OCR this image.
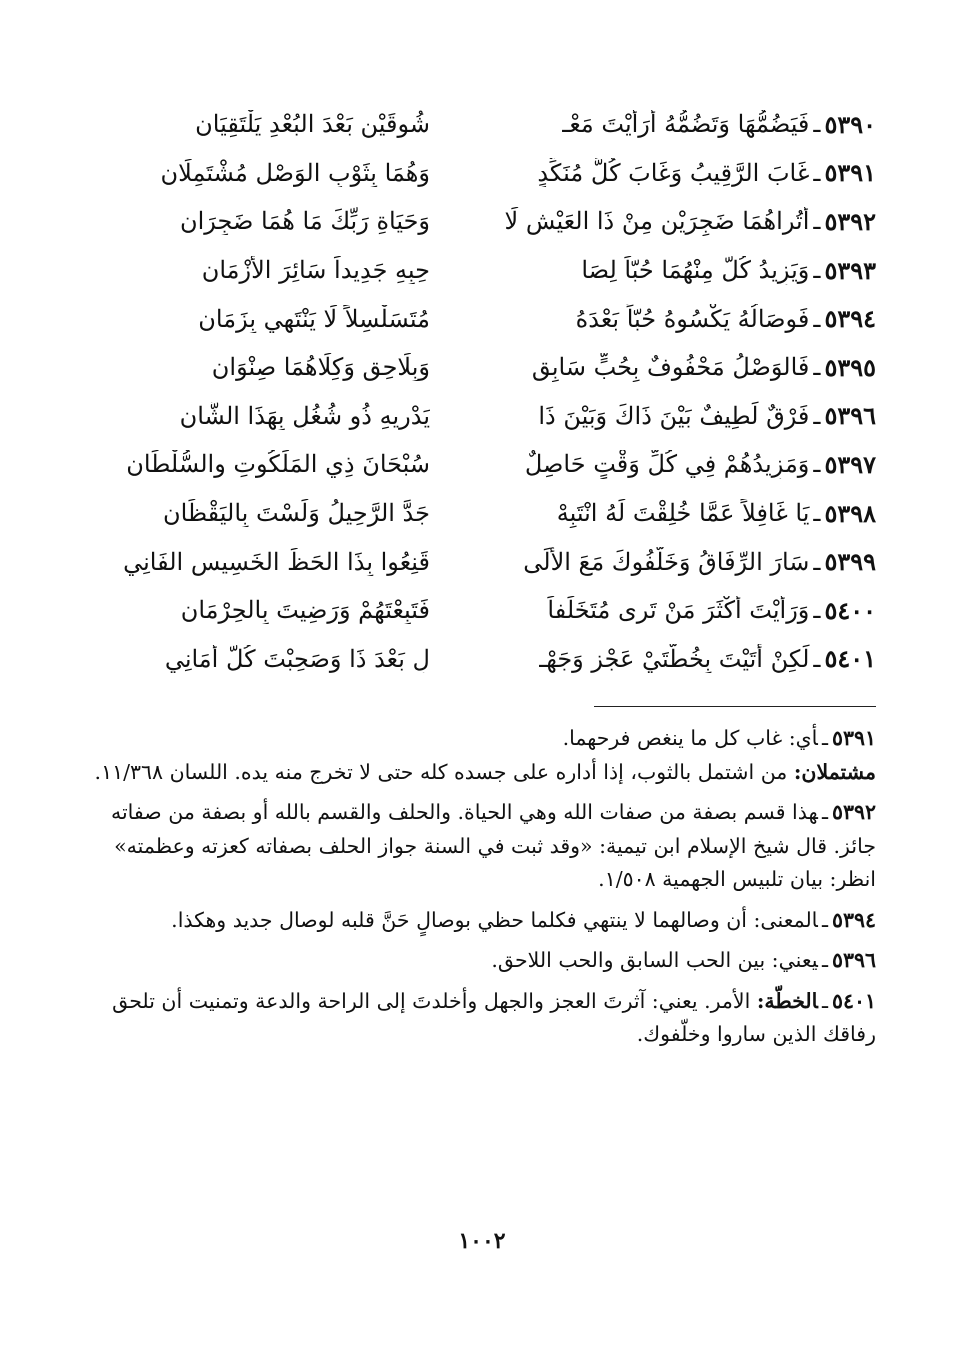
٥٣٩٠
ـ
فَيَضُمُّهَا وَتَضُمُّهُ أَرَأَيْتَ مَعْـ
شُوقَيْنِ بَعْدَ البُعْدِ يَلْتَقِيَانِ
٥٣٩١
ـ
غَابَ الرَّقِيبُ وَغَابَ كُلُّ مُنَكِّدٍ
وَهُمَا بِثَوْبِ الوَصْلِ مُشْتَمِلَانِ
٥٣٩٢
ـ
أَتُراهُمَا ضَجِرَيْنِ مِنْ ذَا العَيْشِ لَا
وَحَيَاةِ رَبِّكَ مَا هُمَا ضَجِرَانِ
٥٣٩٣
ـ
وَيَزِيدُ كُلٌّ مِنْهُمَا حُبّاً لِصَا
حِبِهِ جَدِيداً سَائِرَ الأَزْمَانِ
٥٣٩٤
ـ
فَوِصَالُهُ يَكْسُوهُ حُبّاً بَعْدَهُ
مُتَسَلْسِلاً لَا يَنْتَهِي بِزَمَانِ
٥٣٩٥
ـ
فَالوَصْلُ مَحْفُوفٌ بِحُبٍّ سَابِقٍ
وَبِلَاحِقٍ وَكِلَاهُمَا صِنْوَانِ
٥٣٩٦
ـ
فَرْقٌ لَطِيفٌ بَيْنَ ذَاكَ وَبَيْنَ ذَا
يَدْرِيهِ ذُو شُغُلٍ بِهَذَا الشَّانِ
٥٣٩٧
ـ
وَمَزِيدُهُمْ فِي كُلِّ وَقْتٍ حَاصِلٌ
سُبْحَانَ ذِي المَلَكُوتِ والسُّلْطَانِ
٥٣٩٨
ـ
يَا غَافِلاً عَمَّا خُلِقْتَ لَهُ انْتَبِهْ
جَدَّ الرَّحِيلُ وَلَسْتَ بِاليَقْظَانِ
٥٣٩٩
ـ
سَارَ الرِّفَاقُ وَخَلَّفُوكَ مَعَ الأُلَى
قَنِعُوا بِذَا الحَظِّ الخَسِيسِ الفَانِي
٥٤٠٠
ـ
وَرَأَيْتَ أَكْثَرَ مَنْ تَرى مُتَخَلِّفاً
فَتَبِعْتَهُمْ وَرَضِيتَ بِالحِرْمَانِ
٥٤٠١
ـ
لَكِنْ أَتَيْتَ بِخُطَّتَيْ عَجْزٍ وَجَهْـ
لٍ بَعْدَ ذَا وَصَحِبْتَ كُلَّ أَمَانِي
٥٣٩١ـأي: غاب كل ما ينغص فرحهما.
مشتملان: من اشتمل بالثوب، إذا أداره على جسده كله حتى لا تخرج منه يده. اللسان ١١/٣٦٨.
٥٣٩٢ـهذا قسم بصفة من صفات الله وهي الحياة. والحلف والقسم بالله أو بصفة من صفاته جائز. قال شيخ الإسلام ابن تيمية: «وقد ثبت في السنة جواز الحلف بصفاته كعزته وعظمته» انظر: بيان تلبيس الجهمية ١/٥٠٨.
٥٣٩٤ـالمعنى: أن وصالهما لا ينتهي فكلما حظي بوصالٍ حَنَّ قلبه لوصال جديد وهكذا.
٥٣٩٦ـيعني: بين الحب السابق والحب اللاحق.
٥٤٠١ـالخطّة: الأمر. يعني: آثرتَ العجز والجهل وأخلدتَ إلى الراحة والدعة وتمنيت أن تلحق رفاقك الذين ساروا وخلّفوك.
١٠٠٢
